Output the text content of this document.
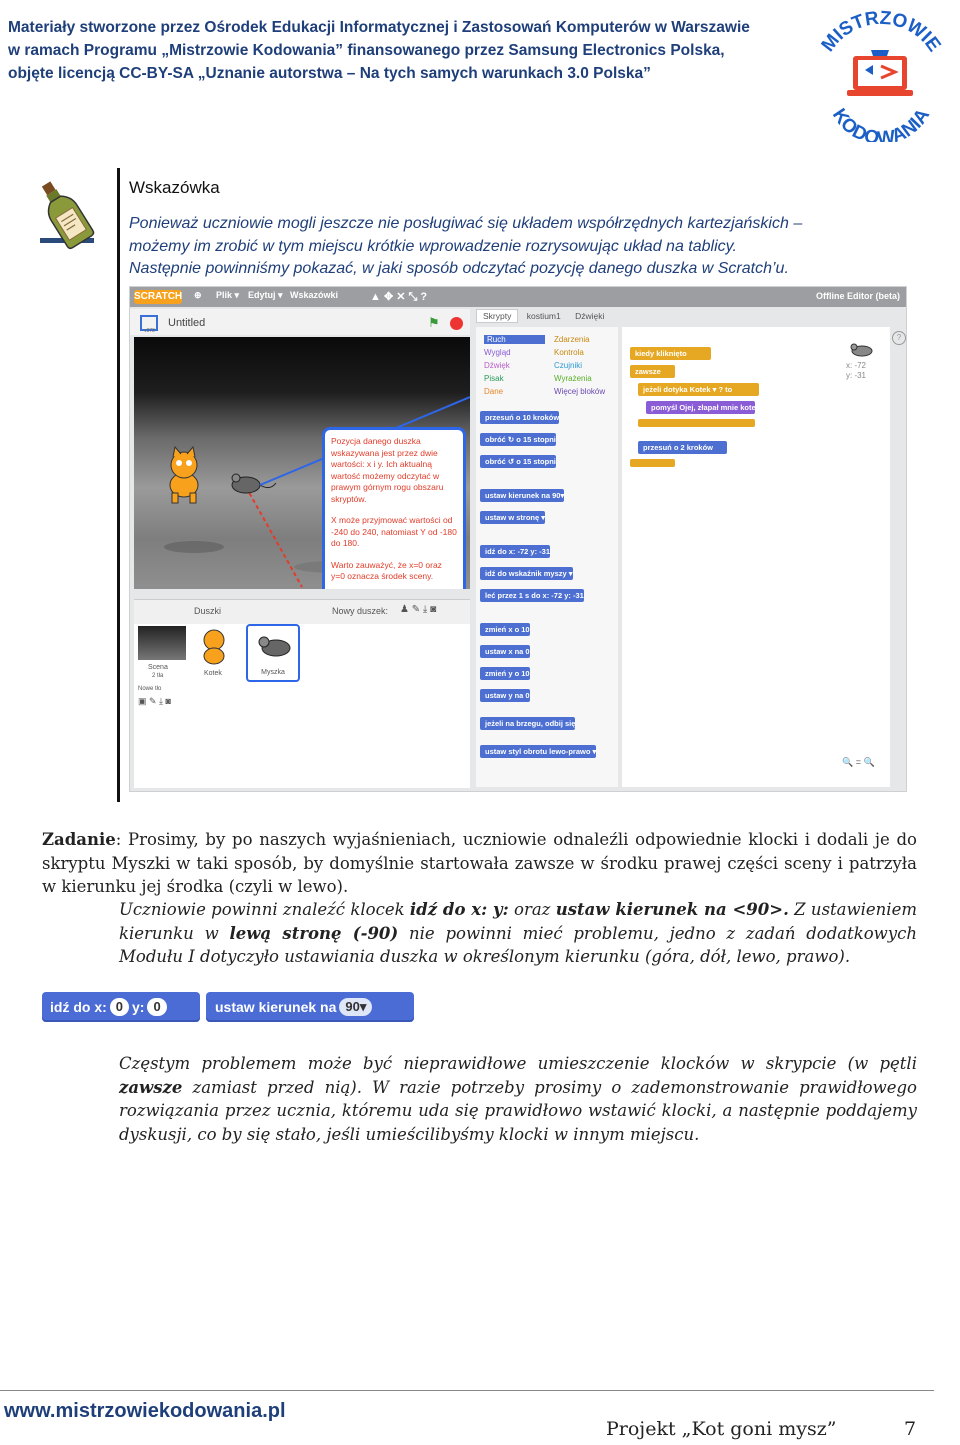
Materiały stworzone przez Ośrodek Edukacji Informatycznej i Zastosowań Komputerów w Warszawie
w ramach Programu „Mistrzowie Kodowania” finansowanego przez Samsung Electronics Polska,
objęte licencją CC-BY-SA „Uznanie autorstwa – Na tych samych warunkach 3.0 Polska”
MISTRZOWIE
KODOWANIA
Wskazówka
Ponieważ uczniowie mogli jeszcze nie posługiwać się układem współrzędnych kartezjańskich –
możemy im zrobić w tym miejscu krótkie wprowadzenie rozrysowując układ na tablicy.
Następnie powinniśmy pokazać, w jaki sposób odczytać pozycję danego duszka w Scratch’u.
SCRATCH ⊕ Plik ▾ Edytuj ▾ Wskazówki	▲ ✥ ✕ ⤡ ?	Offline Editor (beta)
v373
Untitled	⚑

Pozycja danego duszka wskazywana jest przez dwie wartości: x i y. Ich aktualną wartość możemy odczytać w prawym górnym rogu obszaru skryptów.

X może przyjmować wartości od -240 do 240, natomiast Y od -180 do 180.

Warto zauważyć, że x=0 oraz y=0 oznacza środek sceny.

Skrypty kostium1 Dźwięki
Ruch
Wygląd
Dźwięk
Pisak
Dane
Zdarzenia
Kontrola
Czujniki
Wyrażenia
Więcej bloków
przesuń o 10 kroków
obróć ↻ o 15 stopni
obróć ↺ o 15 stopni
ustaw kierunek na 90▾
ustaw w stronę ▾
idź do x: -72 y: -31
idź do wskaźnik myszy ▾
leć przez 1 s do x: -72 y: -31
zmień x o 10
ustaw x na 0
zmień y o 10
ustaw y na 0
jeżeli na brzegu, odbij się
ustaw styl obrotu lewo-prawo ▾
kiedy kliknięto
zawsze
jeżeli dotyka Kotek ▾ ? to
pomyśl Ojej, złapał mnie kotek!
przesuń o 2 kroków
x: -72
y: -31
🔍 = 🔍
?
Duszki	Nowy duszek: ♟ ✎ ⤓ ◙
Scena
2 tła
Nowe tło
▣ ✎ ⤓ ◙
Kotek	Myszka
Zadanie: Prosimy, by po naszych wyjaśnieniach, uczniowie odnaleźli odpowiednie klocki i dodali je do skryptu Myszki w taki sposób, by domyślnie startowała zawsze w środku prawej części sceny i patrzyła w kierunku jej środka (czyli w lewo).
Uczniowie powinni znaleźć klocek idź do x: y: oraz ustaw kierunek na <90>. Z ustawieniem kierunku w lewą stronę (-90) nie powinni mieć problemu, jedno z zadań dodatkowych Modułu I dotyczyło ustawiania duszka w określonym kierunku (góra, dół, lewo, prawo).
idź do x: 0 y: 0	ustaw kierunek na 90▾
Częstym problemem może być nieprawidłowe umieszczenie klocków w skrypcie (w pętli zawsze zamiast przed nią). W razie potrzeby prosimy o zademonstrowanie prawidłowego rozwiązania przez ucznia, któremu uda się prawidłowo wstawić klocki, a następnie poddajemy dyskusji, co by się stało, jeśli umieścilibyśmy klocki w innym miejscu.
www.mistrzowiekodowania.pl
Projekt „Kot goni mysz”	7
